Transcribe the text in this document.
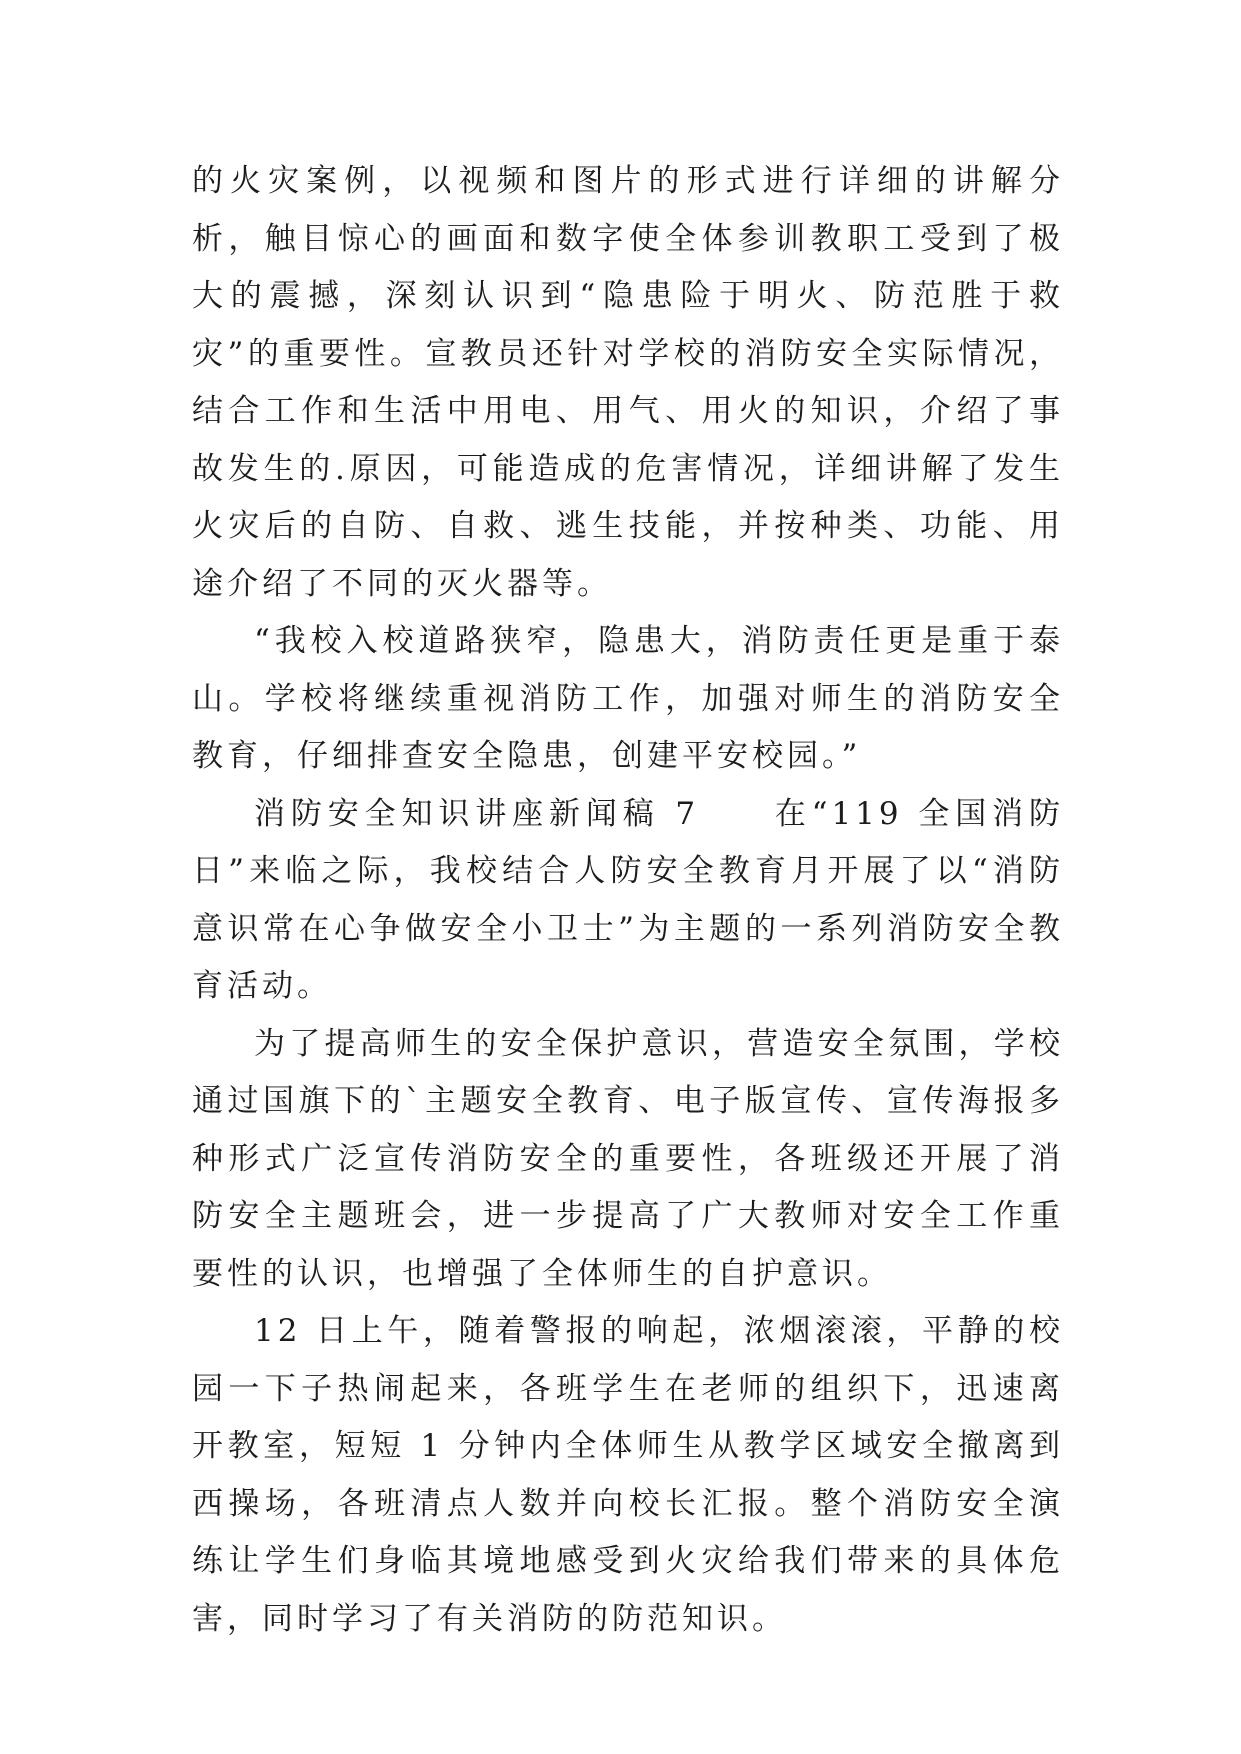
的火灾案例，以视频和图片的形式进行详细的讲解分析，触目惊心的画面和数字使全体参训教职工受到了极大的震撼，深刻认识到“隐患险于明火、防范胜于救灾”的重要性。宣教员还针对学校的消防安全实际情况，结合工作和生活中用电、用气、用火的知识，介绍了事故发生的.原因，可能造成的危害情况，详细讲解了发生火灾后的自防、自救、逃生技能，并按种类、功能、用途介绍了不同的灭火器等。

“我校入校道路狭窄，隐患大，消防责任更是重于泰山。学校将继续重视消防工作，加强对师生的消防安全教育，仔细排查安全隐患，创建平安校园。”

消防安全知识讲座新闻稿 7　　在“119 全国消防日”来临之际，我校结合人防安全教育月开展了以“消防意识常在心争做安全小卫士”为主题的一系列消防安全教育活动。

为了提高师生的安全保护意识，营造安全氛围，学校通过国旗下的`主题安全教育、电子版宣传、宣传海报多种形式广泛宣传消防安全的重要性，各班级还开展了消防安全主题班会，进一步提高了广大教师对安全工作重要性的认识，也增强了全体师生的自护意识。

12 日上午，随着警报的响起，浓烟滚滚，平静的校园一下子热闹起来，各班学生在老师的组织下，迅速离开教室，短短 1 分钟内全体师生从教学区域安全撤离到西操场，各班清点人数并向校长汇报。整个消防安全演练让学生们身临其境地感受到火灾给我们带来的具体危害，同时学习了有关消防的防范知识。
